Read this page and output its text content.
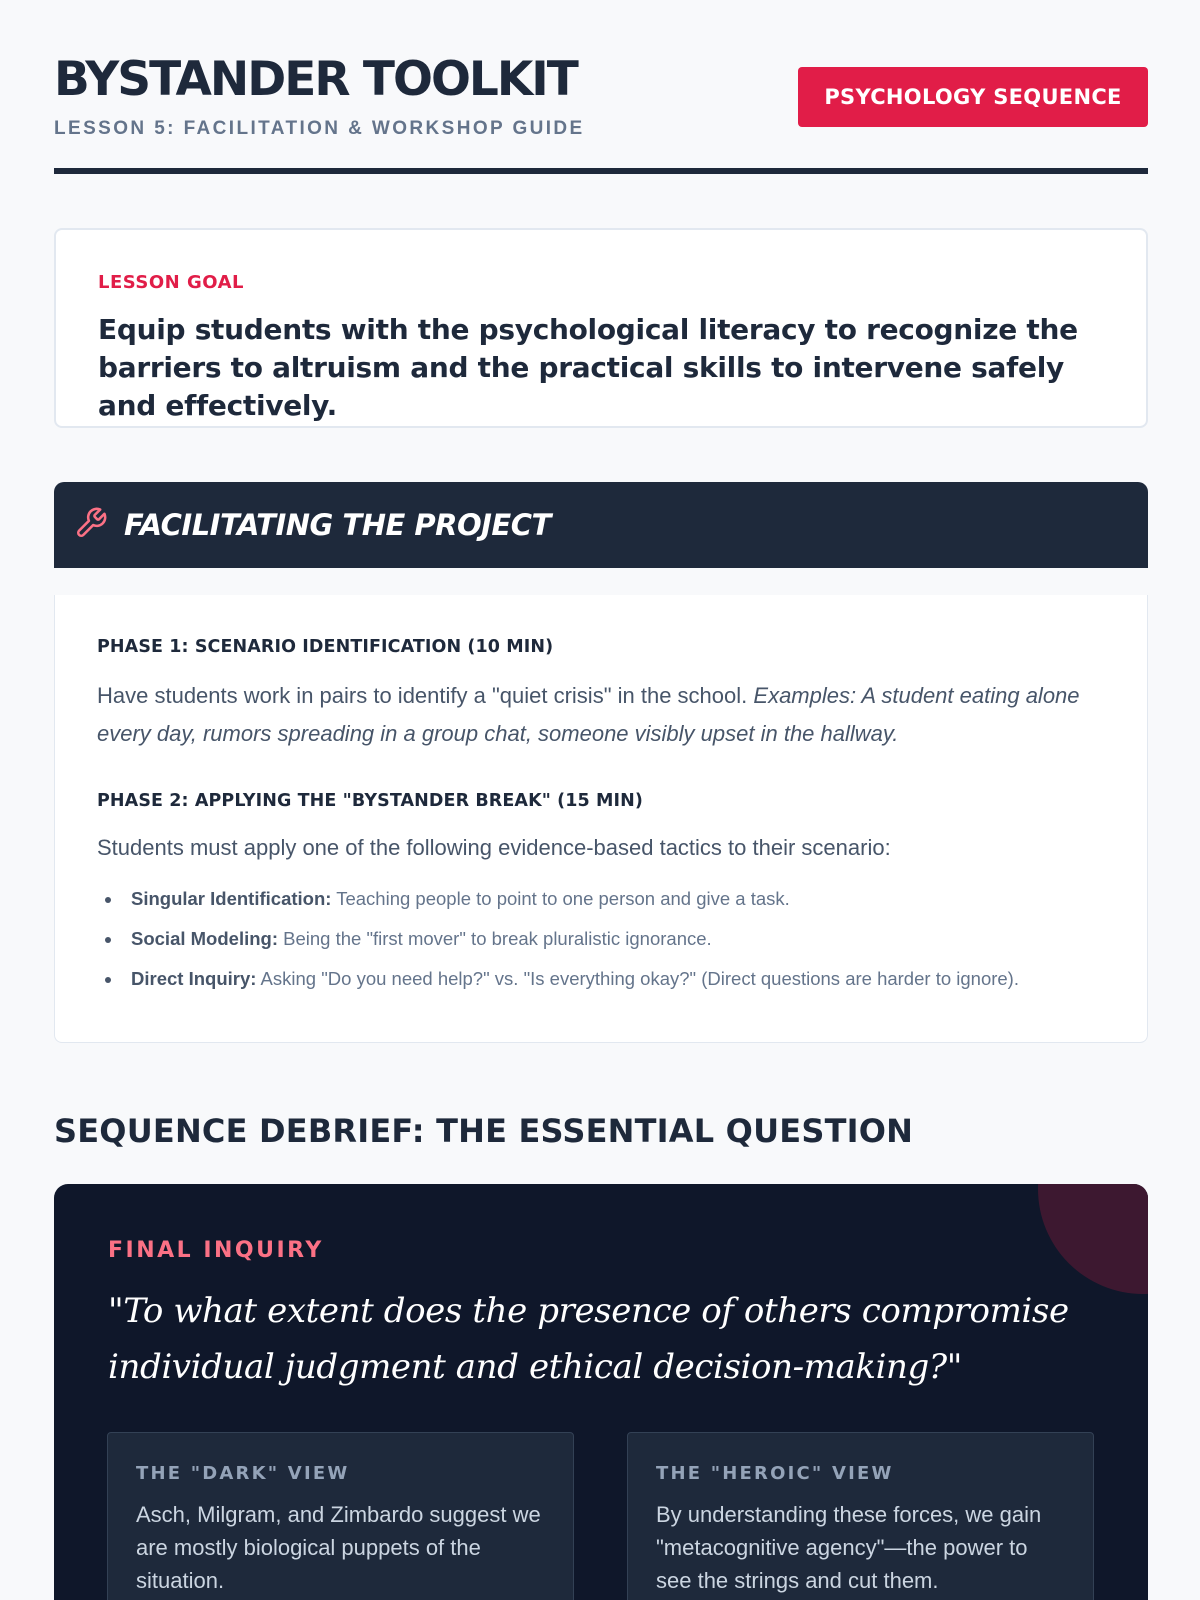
BYSTANDER TOOLKIT
LESSON 5: FACILITATION & WORKSHOP GUIDE
PSYCHOLOGY SEQUENCE
LESSON GOAL
Equip students with the psychological literacy to recognize the barriers to altruism and the practical skills to intervene safely and effectively.
FACILITATING THE PROJECT
PHASE 1: SCENARIO IDENTIFICATION (10 MIN)

Have students work in pairs to identify a "quiet crisis" in the school. Examples: A student eating alone every day, rumors spreading in a group chat, someone visibly upset in the hallway.

PHASE 2: APPLYING THE "BYSTANDER BREAK" (15 MIN)

Students must apply one of the following evidence-based tactics to their scenario:

Singular Identification: Teaching people to point to one person and give a task.
Social Modeling: Being the "first mover" to break pluralistic ignorance.
Direct Inquiry: Asking "Do you need help?" vs. "Is everything okay?" (Direct questions are harder to ignore).
SEQUENCE DEBRIEF: THE ESSENTIAL QUESTION
FINAL INQUIRY
"To what extent does the presence of others compromise individual judgment and ethical decision-making?"
THE "DARK" VIEW
Asch, Milgram, and Zimbardo suggest we are mostly biological puppets of the situation.
THE "HEROIC" VIEW
By understanding these forces, we gain "metacognitive agency"—the power to see the strings and cut them.
